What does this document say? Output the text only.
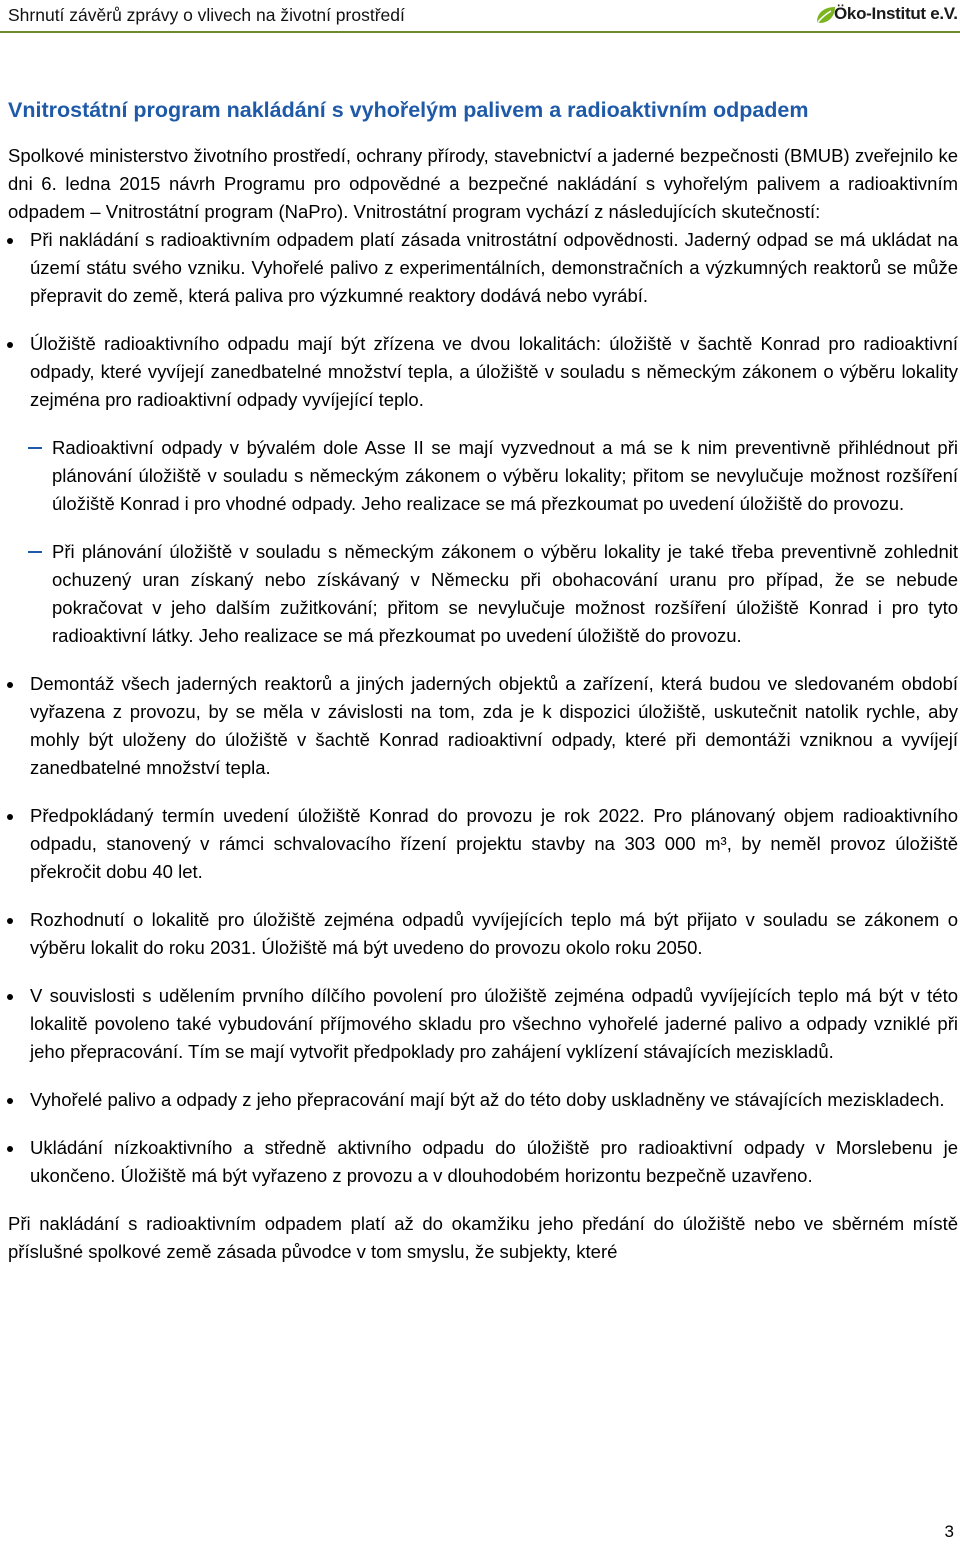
Shrnutí závěrů zprávy o vlivech na životní prostředí	Öko-Institut e.V.
Vnitrostátní program nakládání s vyhořelým palivem a radioaktivním odpadem

Spolkové ministerstvo životního prostředí, ochrany přírody, stavebnictví a jaderné bezpečnosti (BMUB) zveřejnilo ke dni 6. ledna 2015 návrh Programu pro odpovědné a bezpečné nakládání s vyhořelým palivem a radioaktivním odpadem – Vnitrostátní program (NaPro). Vnitrostátní program vychází z následujících skutečností:

Při nakládání s radioaktivním odpadem platí zásada vnitrostátní odpovědnosti. Jaderný odpad se má ukládat na území státu svého vzniku. Vyhořelé palivo z experimentálních, demonstračních a výzkumných reaktorů se může přepravit do země, která paliva pro výzkumné reaktory dodává nebo vyrábí.

Úložiště radioaktivního odpadu mají být zřízena ve dvou lokalitách: úložiště v šachtě Konrad pro radioaktivní odpady, které vyvíjejí zanedbatelné množství tepla, a úložiště v souladu s německým zákonem o výběru lokality zejména pro radioaktivní odpady vyvíjející teplo.

Radioaktivní odpady v bývalém dole Asse II se mají vyzvednout a má se k nim preventivně přihlédnout při plánování úložiště v souladu s německým zákonem o výběru lokality; přitom se nevylučuje možnost rozšíření úložiště Konrad i pro vhodné odpady. Jeho realizace se má přezkoumat po uvedení úložiště do provozu.

Při plánování úložiště v souladu s německým zákonem o výběru lokality je také třeba preventivně zohlednit ochuzený uran získaný nebo získávaný v Německu při obohacování uranu pro případ, že se nebude pokračovat v jeho dalším zužitkování; přitom se nevylučuje možnost rozšíření úložiště Konrad i pro tyto radioaktivní látky. Jeho realizace se má přezkoumat po uvedení úložiště do provozu.

Demontáž všech jaderných reaktorů a jiných jaderných objektů a zařízení, která budou ve sledovaném období vyřazena z provozu, by se měla v závislosti na tom, zda je k dispozici úložiště, uskutečnit natolik rychle, aby mohly být uloženy do úložiště v šachtě Konrad radioaktivní odpady, které při demontáži vzniknou a vyvíjejí zanedbatelné množství tepla.

Předpokládaný termín uvedení úložiště Konrad do provozu je rok 2022. Pro plánovaný objem radioaktivního odpadu, stanovený v rámci schvalovacího řízení projektu stavby na 303 000 m³, by neměl provoz úložiště překročit dobu 40 let.

Rozhodnutí o lokalitě pro úložiště zejména odpadů vyvíjejících teplo má být přijato v souladu se zákonem o výběru lokalit do roku 2031. Úložiště má být uvedeno do provozu okolo roku 2050.

V souvislosti s udělením prvního dílčího povolení pro úložiště zejména odpadů vyvíjejících teplo má být v této lokalitě povoleno také vybudování příjmového skladu pro všechno vyhořelé jaderné palivo a odpady vzniklé při jeho přepracování. Tím se mají vytvořit předpoklady pro zahájení vyklízení stávajících meziskladů.

Vyhořelé palivo a odpady z jeho přepracování mají být až do této doby uskladněny ve stávajících meziskladech.

Ukládání nízkoaktivního a středně aktivního odpadu do úložiště pro radioaktivní odpady v Morslebenu je ukončeno. Úložiště má být vyřazeno z provozu a v dlouhodobém horizontu bezpečně uzavřeno.

Při nakládání s radioaktivním odpadem platí až do okamžiku jeho předání do úložiště nebo ve sběrném místě příslušné spolkové země zásada původce v tom smyslu, že subjekty, které

3
